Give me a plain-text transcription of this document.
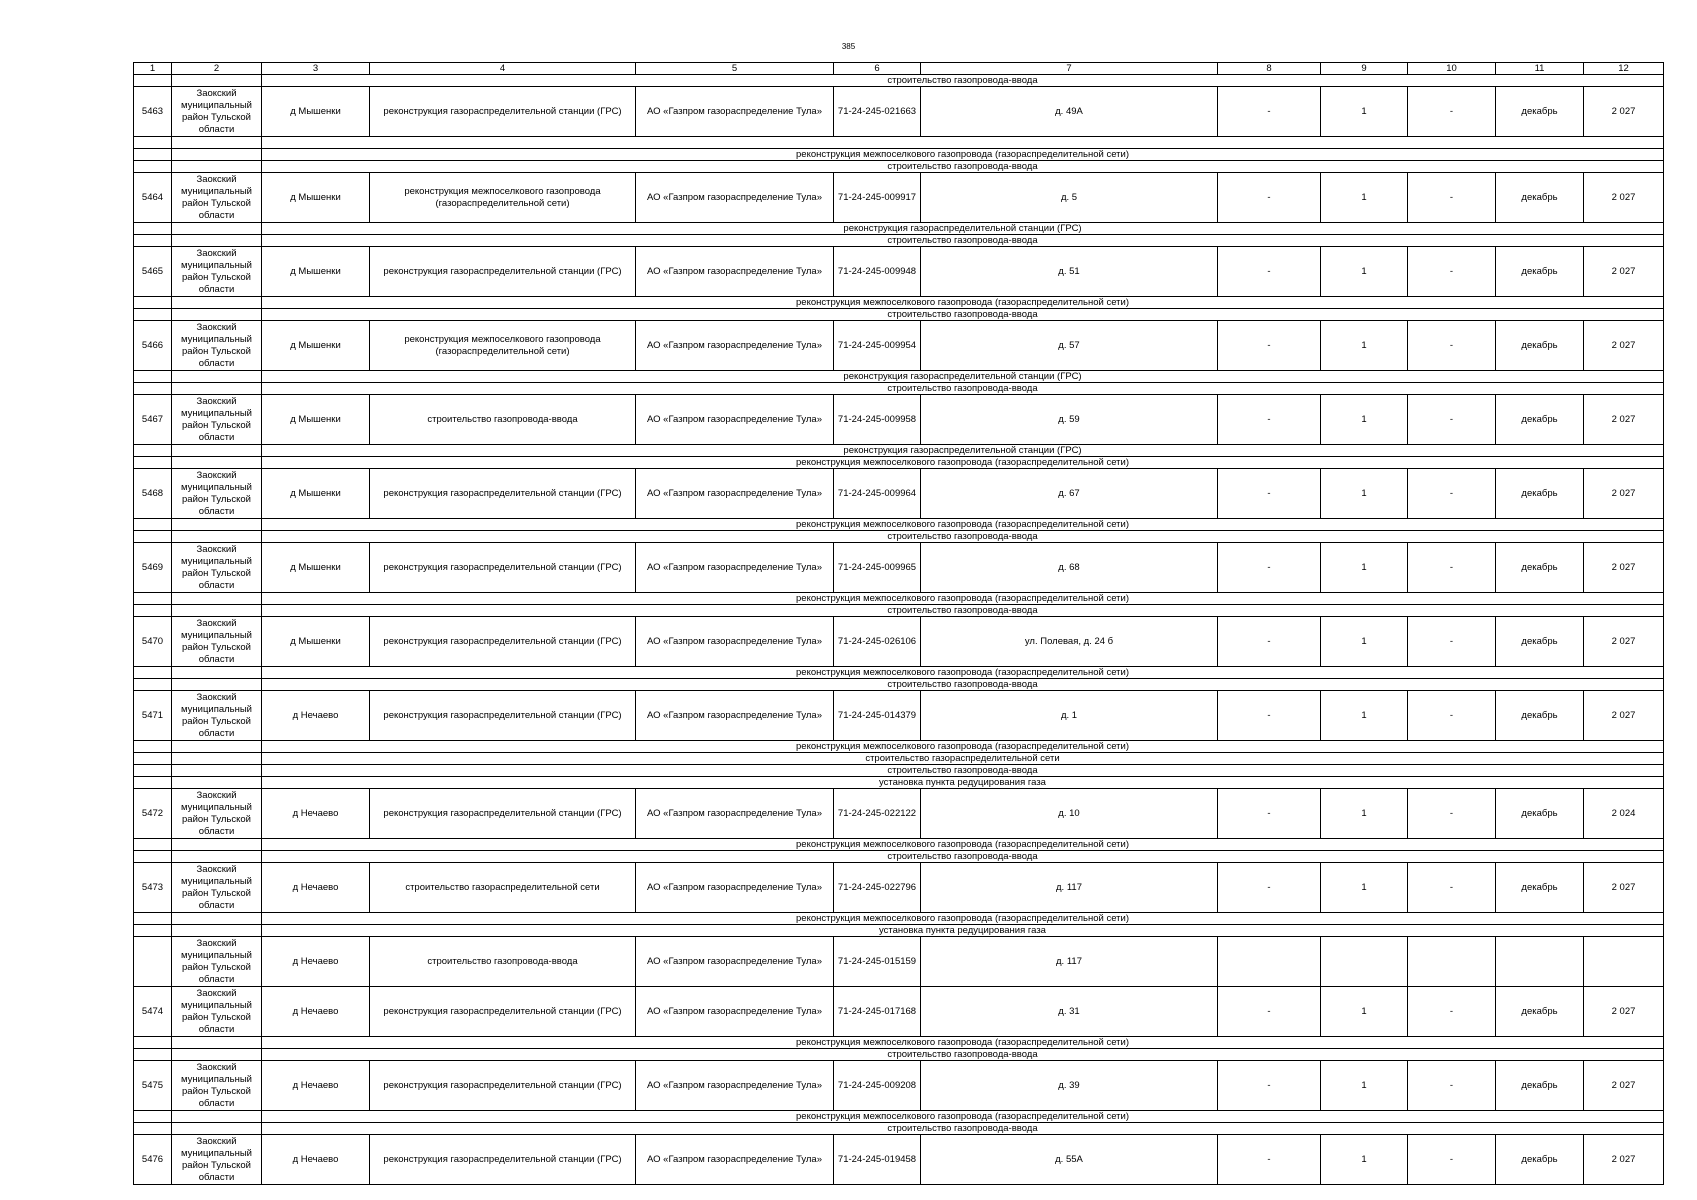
385
1	2	3	4	5	6	7	8	9	10	11	12
		строительство газопровода-ввода									
5463	Заокский муниципальный район Тульской области	д Мышенки	реконструкция газораспределительной станции (ГРС)	АО «Газпром газораспределение Тула»	71-24-245-021663	д. 49А	-	1	-	декабрь	2 027

		реконструкция межпоселкового газопровода (газораспределительной сети)									
		строительство газопровода-ввода									
5464	Заокский муниципальный район Тульской области	д Мышенки	реконструкция межпоселкового газопровода (газораспределительной сети)	АО «Газпром газораспределение Тула»	71-24-245-009917	д. 5	-	1	-	декабрь	2 027
		реконструкция газораспределительной станции (ГРС)									
		строительство газопровода-ввода									
5465	Заокский муниципальный район Тульской области	д Мышенки	реконструкция газораспределительной станции (ГРС)	АО «Газпром газораспределение Тула»	71-24-245-009948	д. 51	-	1	-	декабрь	2 027
		реконструкция межпоселкового газопровода (газораспределительной сети)									
		строительство газопровода-ввода									
5466	Заокский муниципальный район Тульской области	д Мышенки	реконструкция межпоселкового газопровода (газораспределительной сети)	АО «Газпром газораспределение Тула»	71-24-245-009954	д. 57	-	1	-	декабрь	2 027
		реконструкция газораспределительной станции (ГРС)									
		строительство газопровода-ввода									
5467	Заокский муниципальный район Тульской области	д Мышенки	строительство газопровода-ввода	АО «Газпром газораспределение Тула»	71-24-245-009958	д. 59	-	1	-	декабрь	2 027
		реконструкция газораспределительной станции (ГРС)									
		реконструкция межпоселкового газопровода (газораспределительной сети)									
5468	Заокский муниципальный район Тульской области	д Мышенки	реконструкция газораспределительной станции (ГРС)	АО «Газпром газораспределение Тула»	71-24-245-009964	д. 67	-	1	-	декабрь	2 027
		реконструкция межпоселкового газопровода (газораспределительной сети)									
		строительство газопровода-ввода									
5469	Заокский муниципальный район Тульской области	д Мышенки	реконструкция газораспределительной станции (ГРС)	АО «Газпром газораспределение Тула»	71-24-245-009965	д. 68	-	1	-	декабрь	2 027
		реконструкция межпоселкового газопровода (газораспределительной сети)									
		строительство газопровода-ввода									
5470	Заокский муниципальный район Тульской области	д Мышенки	реконструкция газораспределительной станции (ГРС)	АО «Газпром газораспределение Тула»	71-24-245-026106	ул. Полевая, д. 24 б	-	1	-	декабрь	2 027
		реконструкция межпоселкового газопровода (газораспределительной сети)									
		строительство газопровода-ввода									
5471	Заокский муниципальный район Тульской области	д Нечаево	реконструкция газораспределительной станции (ГРС)	АО «Газпром газораспределение Тула»	71-24-245-014379	д. 1	-	1	-	декабрь	2 027
		реконструкция межпоселкового газопровода (газораспределительной сети)									
		строительство газораспределительной сети									
		строительство газопровода-ввода									
		установка пункта редуцирования газа									
5472	Заокский муниципальный район Тульской области	д Нечаево	реконструкция газораспределительной станции (ГРС)	АО «Газпром газораспределение Тула»	71-24-245-022122	д. 10	-	1	-	декабрь	2 024
		реконструкция межпоселкового газопровода (газораспределительной сети)									
		строительство газопровода-ввода									
5473	Заокский муниципальный район Тульской области	д Нечаево	строительство газораспределительной сети	АО «Газпром газораспределение Тула»	71-24-245-022796	д. 117	-	1	-	декабрь	2 027
		реконструкция межпоселкового газопровода (газораспределительной сети)									
		установка пункта редуцирования газа									
	Заокский муниципальный район Тульской области	д Нечаево	строительство газопровода-ввода	АО «Газпром газораспределение Тула»	71-24-245-015159	д. 117					
5474	Заокский муниципальный район Тульской области	д Нечаево	реконструкция газораспределительной станции (ГРС)	АО «Газпром газораспределение Тула»	71-24-245-017168	д. 31	-	1	-	декабрь	2 027
		реконструкция межпоселкового газопровода (газораспределительной сети)									
		строительство газопровода-ввода									
5475	Заокский муниципальный район Тульской области	д Нечаево	реконструкция газораспределительной станции (ГРС)	АО «Газпром газораспределение Тула»	71-24-245-009208	д. 39	-	1	-	декабрь	2 027
		реконструкция межпоселкового газопровода (газораспределительной сети)									
		строительство газопровода-ввода									
5476	Заокский муниципальный район Тульской области	д Нечаево	реконструкция газораспределительной станции (ГРС)	АО «Газпром газораспределение Тула»	71-24-245-019458	д. 55А	-	1	-	декабрь	2 027
